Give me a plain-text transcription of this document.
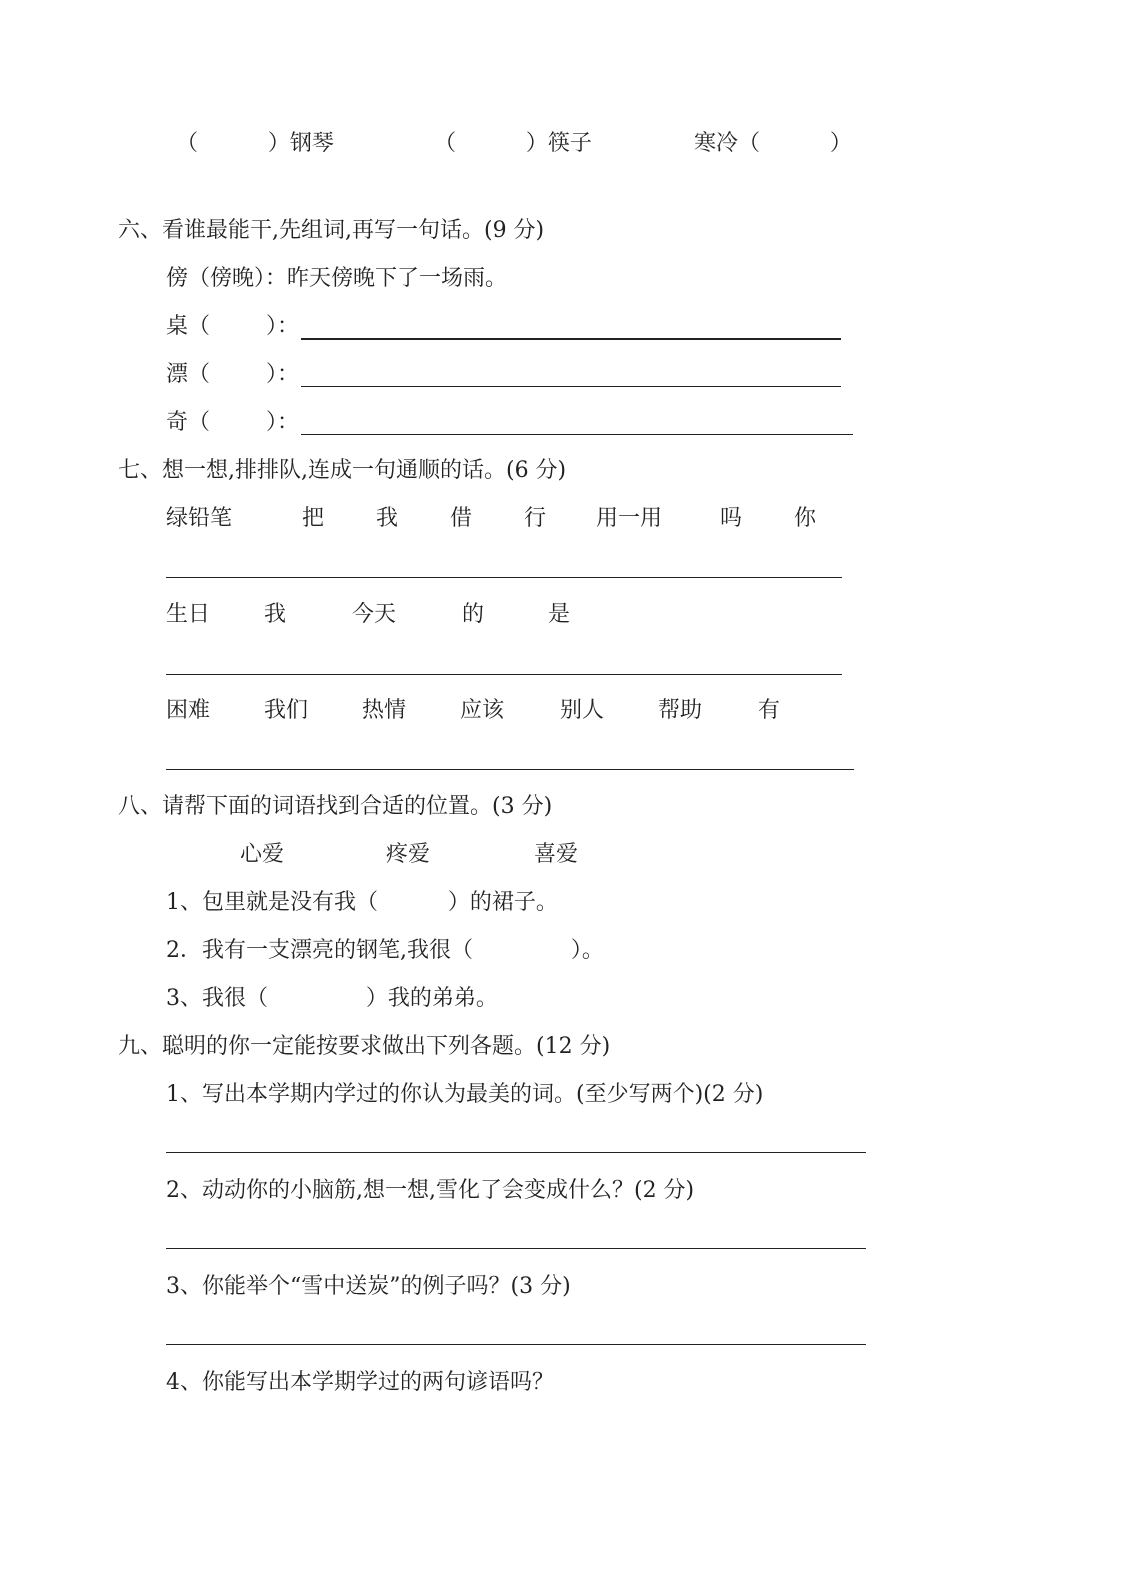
（          ）钢琴	（          ）筷子	寒冷（          ）
六、看谁最能干,先组词,再写一句话。(9 分)
傍（傍晚）：昨天傍晚下了一场雨。
桌（        ）：
漂（        ）：
奇（        ）：
七、想一想,排排队,连成一句通顺的话。(6 分)
绿铅笔	把 我 借 行 用一用	吗 你
生日 我	今天	的	是
困难 我们 热情 应该	别人 帮助	有
八、请帮下面的词语找到合适的位置。(3 分)
心爱	疼爱	喜爱
1、包里就是没有我（          ）的裙子。
2．我有一支漂亮的钢笔,我很（              ）。
3、我很（              ）我的弟弟。
九、聪明的你一定能按要求做出下列各题。(12 分)
1、写出本学期内学过的你认为最美的词。(至少写两个)(2 分)
2、动动你的小脑筋,想一想,雪化了会变成什么？(2 分)
3、你能举个“雪中送炭”的例子吗？(3 分)
4、你能写出本学期学过的两句谚语吗？
